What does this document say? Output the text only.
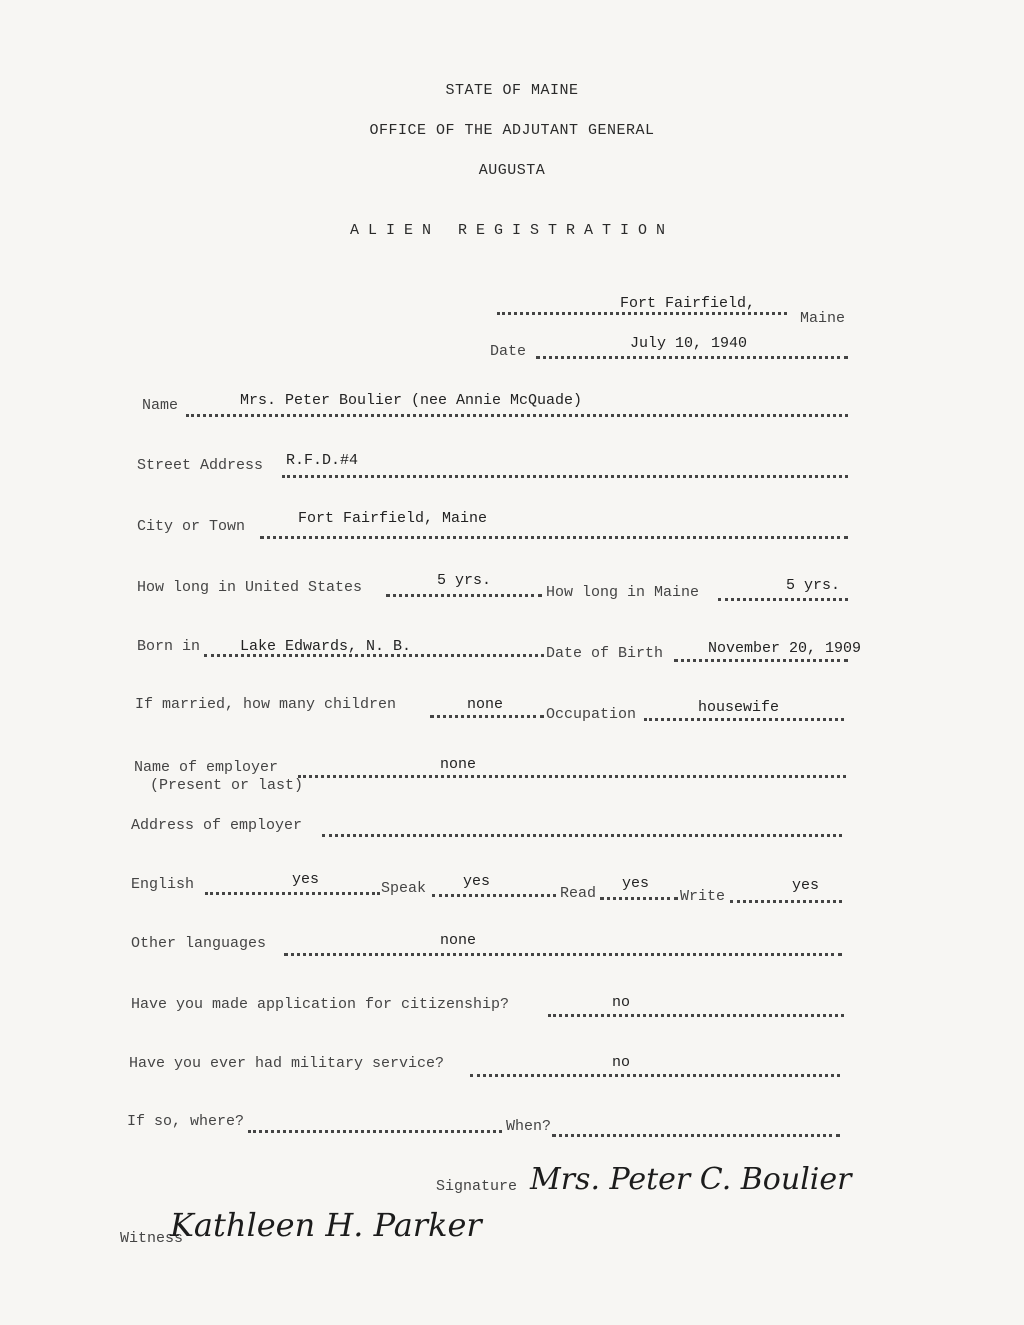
STATE OF MAINE
OFFICE OF THE ADJUTANT GENERAL
AUGUSTA
ALIEN REGISTRATION
Fort Fairfield,
Maine
Date	July 10, 1940
Name	Mrs. Peter Boulier (nee Annie McQuade)
Street Address R.F.D.#4
City or Town	Fort Fairfield, Maine
How long in United States	5 yrs.
How long in Maine	5 yrs.
Born in	Lake Edwards, N. B.	Date of Birth	November 20, 1909
If married, how many children	none
Occupation	housewife
Name of employer
(Present or last)
none
Address of employer
English	yes
Speak yes
Read
yes
Write
yes
Other languages	none
Have you made application for citizenship?	no
Have you ever had military service?	no
If so, where?	When?
Signature Mrs. Peter C. Boulier
Witness
Kathleen H. Parker
